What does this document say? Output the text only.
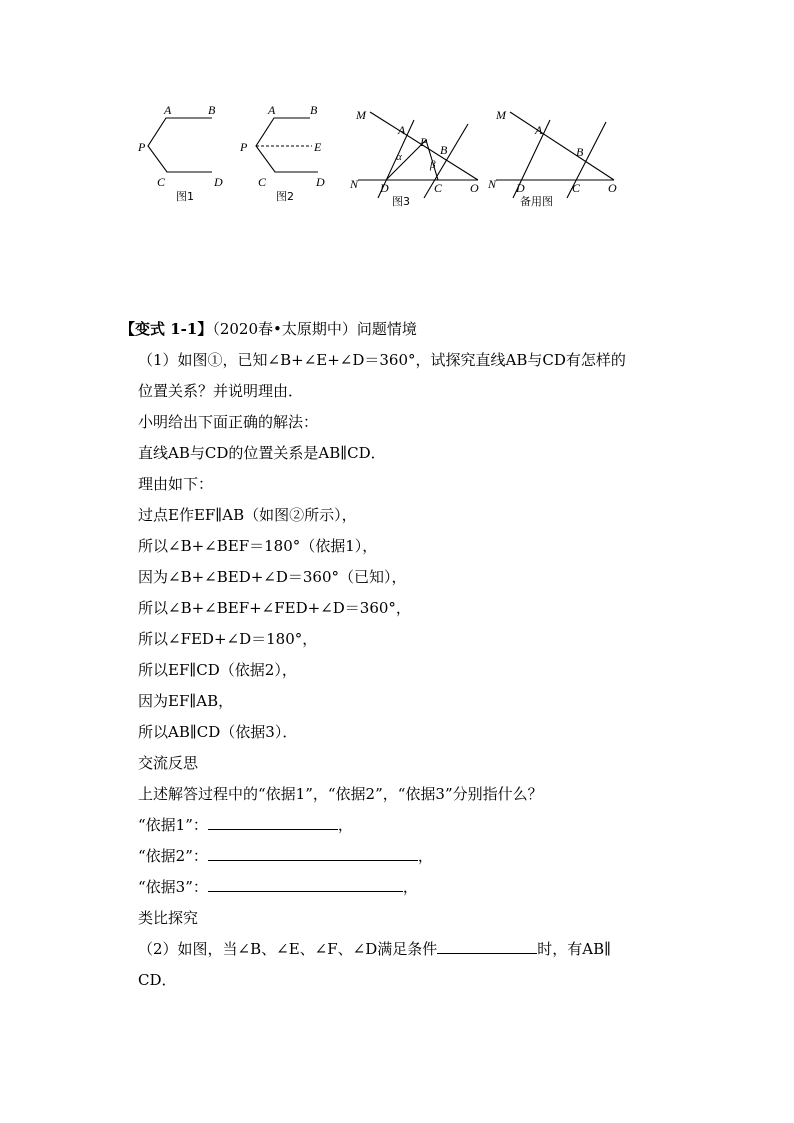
A	B
P
C	D
图1
A	B
P	E
C	D
图2
M
A
P
B
α
β
N D	C O
图3
M
A
B
N D	C O
备用图
【变式 1-1】（2020春•太原期中）问题情境
（1）如图①，已知∠B+∠E+∠D＝360°，试探究直线AB与CD有怎样的
位置关系？并说明理由．
小明给出下面正确的解法：
直线AB与CD的位置关系是AB∥CD．
理由如下：
过点E作EF∥AB（如图②所示），
所以∠B+∠BEF＝180°（依据1），
因为∠B+∠BED+∠D＝360°（已知），
所以∠B+∠BEF+∠FED+∠D＝360°，
所以∠FED+∠D＝180°，
所以EF∥CD（依据2），
因为EF∥AB，
所以AB∥CD（依据3）．
交流反思
上述解答过程中的“依据1”，“依据2”，“依据3”分别指什么？
“依据1”：	，
“依据2”：	，
“依据3”：	，
类比探究
（2）如图，当∠B、∠E、∠F、∠D满足条件	时，有AB∥
CD．
